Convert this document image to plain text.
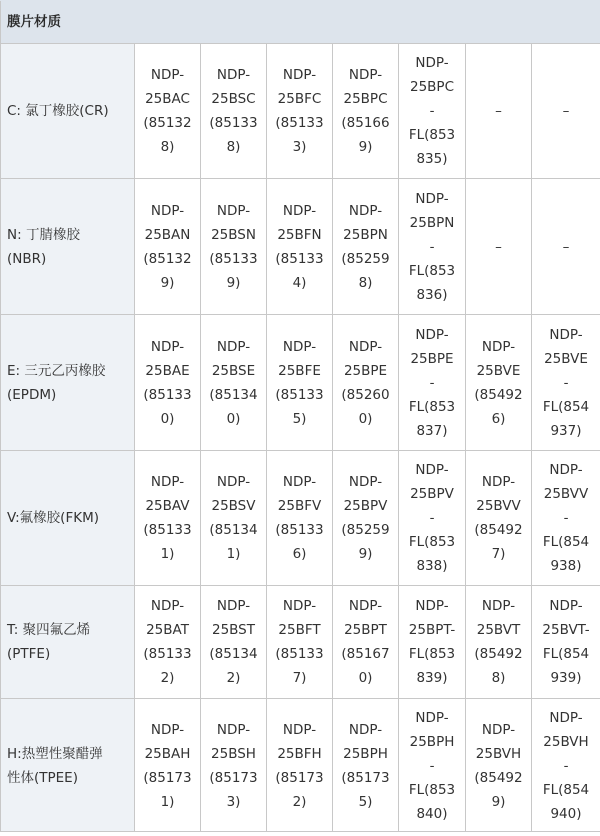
膜片材质							

C: 氯丁橡胶(CR)	NDP-
25BAC
(85132
8)	NDP-
25BSC
(85133
8)	NDP-
25BFC
(85133
3)	NDP-
25BPC
(85166
9)	NDP-
25BPC
-
FL(853
835)	–	–

N: 丁腈橡胶
(NBR)	NDP-
25BAN
(85132
9)	NDP-
25BSN
(85133
9)	NDP-
25BFN
(85133
4)	NDP-
25BPN
(85259
8)	NDP-
25BPN
-
FL(853
836)	–	–

E: 三元乙丙橡胶
(EPDM)	NDP-
25BAE
(85133
0)	NDP-
25BSE
(85134
0)	NDP-
25BFE
(85133
5)	NDP-
25BPE
(85260
0)	NDP-
25BPE
-
FL(853
837)	NDP-
25BVE
(85492
6)	NDP-
25BVE
-
FL(854
937)

V:氟橡胶(FKM)	NDP-
25BAV
(85133
1)	NDP-
25BSV
(85134
1)	NDP-
25BFV
(85133
6)	NDP-
25BPV
(85259
9)	NDP-
25BPV
-
FL(853
838)	NDP-
25BVV
(85492
7)	NDP-
25BVV
-
FL(854
938)

T: 聚四氟乙烯
(PTFE)	NDP-
25BAT
(85133
2)	NDP-
25BST
(85134
2)	NDP-
25BFT
(85133
7)	NDP-
25BPT
(85167
0)	NDP-
25BPT-
FL(853
839)	NDP-
25BVT
(85492
8)	NDP-
25BVT-
FL(854
939)

H:热塑性聚醋弹
性体(TPEE)	NDP-
25BAH
(85173
1)	NDP-
25BSH
(85173
3)	NDP-
25BFH
(85173
2)	NDP-
25BPH
(85173
5)	NDP-
25BPH
-
FL(853
840)	NDP-
25BVH
(85492
9)	NDP-
25BVH
-
FL(854
940)
